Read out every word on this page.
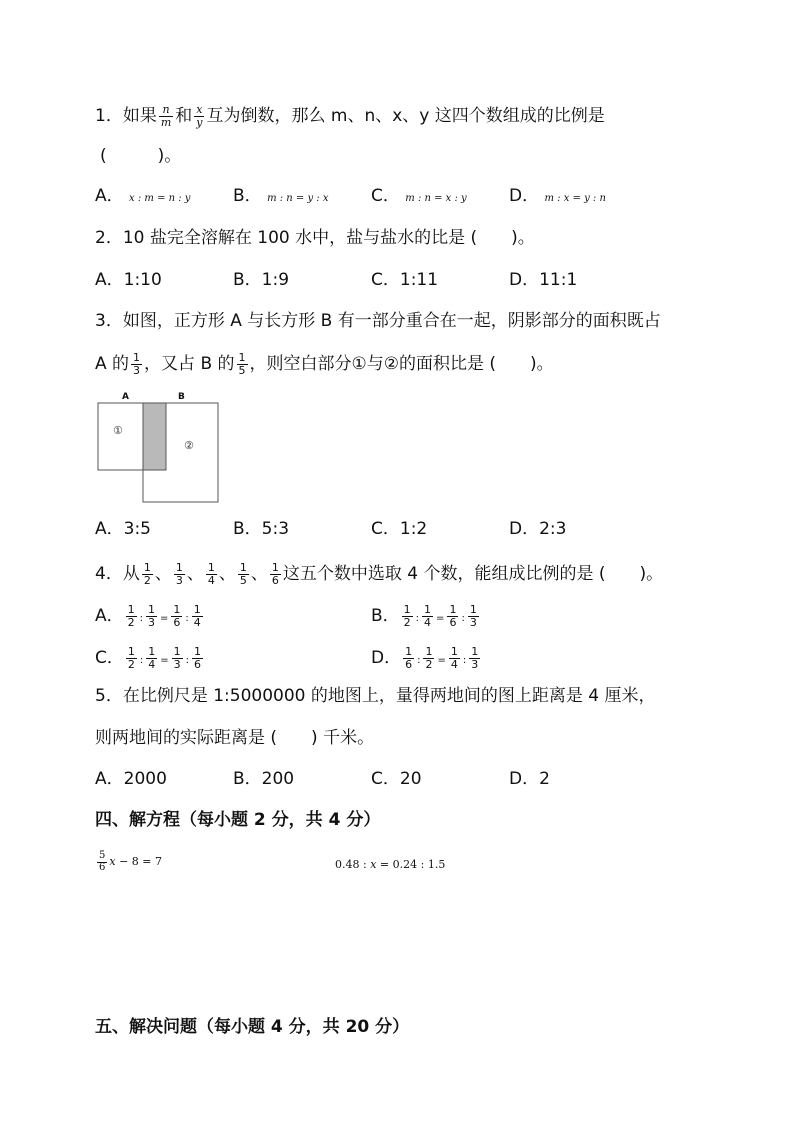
1．如果 $\frac{n}{m}$ 和 $\frac{x}{y}$ 互为倒数，那么 m、n、x、y 这四个数组成的比例是
(　　　)。
A． x : m = n : y	B． m : n = y : x	C． m : n = x : y D． m : x = y : n
2．10 盐完全溶解在 100 水中，盐与盐水的比是 (　　)。
A．1:10	B．1:9	C．1:11	D．11:1
3．如图，正方形 A 与长方形 B 有一部分重合在一起，阴影部分的面积既占
A 的 $\frac{1}{3}$ ，又占 B 的 $\frac{1}{5}$ ，则空白部分①与②的面积比是 (　　)。
A	B
①
②
A．3:5	B．5:3	C．1:2	D．2:3
4．从 $\frac{1}{2}$ 、 $\frac{1}{3}$ 、 $\frac{1}{4}$ 、 $\frac{1}{5}$ 、 $\frac{1}{6}$ 这五个数中选取 4 个数，能组成比例的是 (　　)。
A． $\frac{1}{2}$ : $\frac{1}{3} = \frac{1}{6}$ : $\frac{1}{4}$	B． $\frac{1}{2}$ : $\frac{1}{4} = \frac{1}{6}$ : $\frac{1}{3}$
C． $\frac{1}{2}$ : $\frac{1}{4} = \frac{1}{3}$ : $\frac{1}{6}$	D． $\frac{1}{6}$ : $\frac{1}{2} = \frac{1}{4}$ : $\frac{1}{3}$
5．在比例尺是 1:5000000 的地图上，量得两地间的图上距离是 4 厘米，
则两地间的实际距离是 (　　) 千米。
A．2000	B．200	C．20	D．2
四、解方程（每小题 2 分，共 4 分）
$\frac{5}{6}$ x − 8 = 7	0.48 : x = 0.24 : 1.5
五、解决问题（每小题 4 分，共 20 分）
